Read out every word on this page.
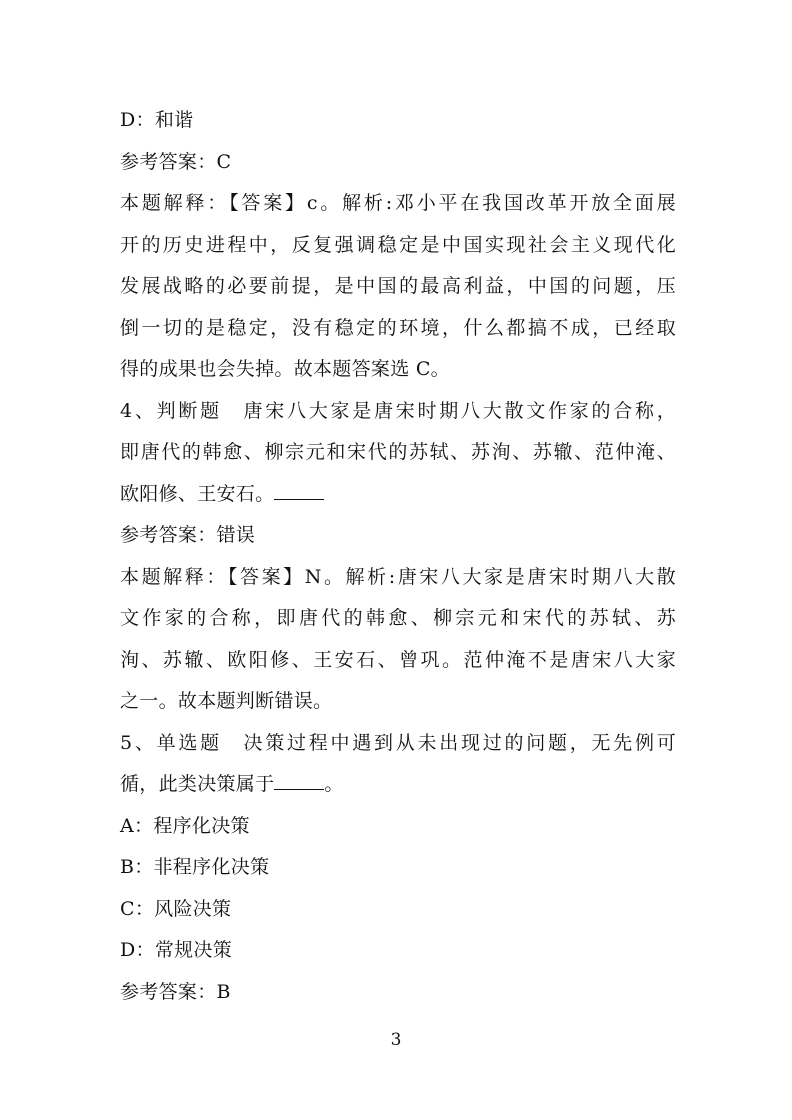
D：和谐
参考答案：C
本题解释：【答案】c。解析:邓小平在我国改革开放全面展
开的历史进程中，反复强调稳定是中国实现社会主义现代化
发展战略的必要前提，是中国的最高利益，中国的问题，压
倒一切的是稳定，没有稳定的环境，什么都搞不成，已经取
得的成果也会失掉。故本题答案选 C。
4、判断题　唐宋八大家是唐宋时期八大散文作家的合称，
即唐代的韩愈、柳宗元和宋代的苏轼、苏洵、苏辙、范仲淹、
欧阳修、王安石。
参考答案：错误
本题解释：【答案】N。解析:唐宋八大家是唐宋时期八大散
文作家的合称，即唐代的韩愈、柳宗元和宋代的苏轼、苏
洵、苏辙、欧阳修、王安石、曾巩。范仲淹不是唐宋八大家
之一。故本题判断错误。
5、单选题　决策过程中遇到从未出现过的问题，无先例可
循，此类决策属于	。
A：程序化决策
B：非程序化决策
C：风险决策
D：常规决策
参考答案：B
3
